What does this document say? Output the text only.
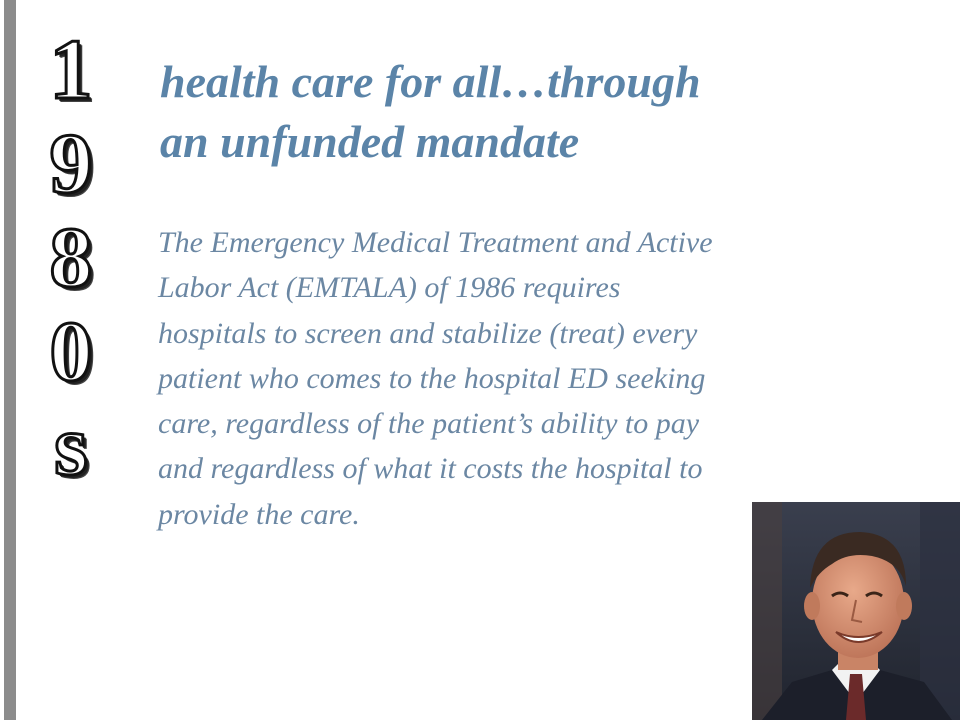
1
9
8
0
s
health care for all…through
an unfunded mandate

The Emergency Medical Treatment and Active
Labor Act (EMTALA) of 1986 requires
hospitals to screen and stabilize (treat) every
patient who comes to the hospital ED seeking
care, regardless of the patient’s ability to pay
and regardless of what it costs the hospital to
provide the care.
